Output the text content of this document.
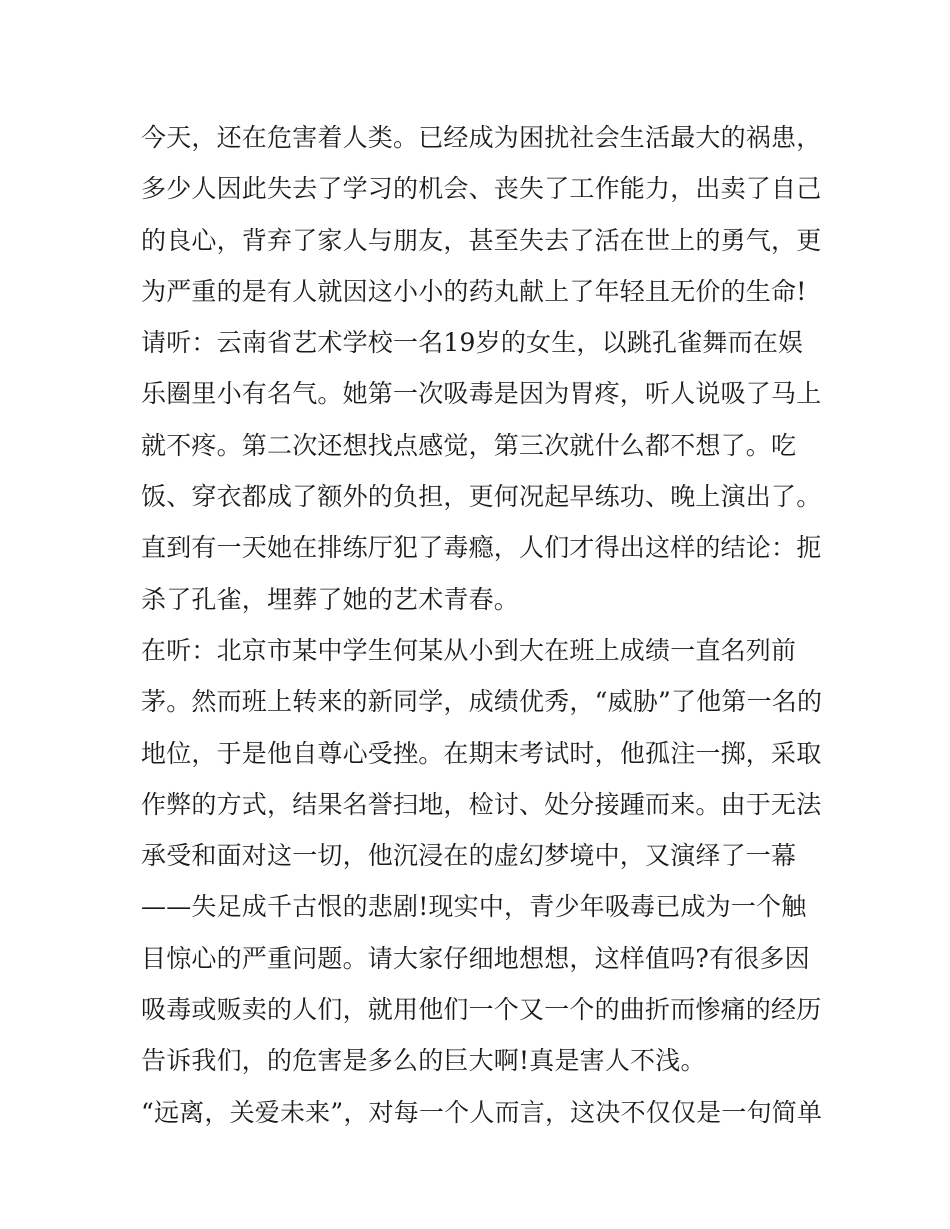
今天，还在危害着人类。已经成为困扰社会生活最大的祸患，
多少人因此失去了学习的机会、丧失了工作能力，出卖了自己
的良心，背弃了家人与朋友，甚至失去了活在世上的勇气，更
为严重的是有人就因这小小的药丸献上了年轻且无价的生命!
请听：云南省艺术学校一名19岁的女生，以跳孔雀舞而在娱
乐圈里小有名气。她第一次吸毒是因为胃疼，听人说吸了马上
就不疼。第二次还想找点感觉，第三次就什么都不想了。吃
饭、穿衣都成了额外的负担，更何况起早练功、晚上演出了。
直到有一天她在排练厅犯了毒瘾，人们才得出这样的结论：扼
杀了孔雀，埋葬了她的艺术青春。
在听：北京市某中学生何某从小到大在班上成绩一直名列前
茅。然而班上转来的新同学，成绩优秀，“威胁”了他第一名的
地位，于是他自尊心受挫。在期末考试时，他孤注一掷，采取
作弊的方式，结果名誉扫地，检讨、处分接踵而来。由于无法
承受和面对这一切，他沉浸在的虚幻梦境中，又演绎了一幕
——失足成千古恨的悲剧!现实中，青少年吸毒已成为一个触
目惊心的严重问题。请大家仔细地想想，这样值吗?有很多因
吸毒或贩卖的人们，就用他们一个又一个的曲折而惨痛的经历
告诉我们，的危害是多么的巨大啊!真是害人不浅。
“远离，关爱未来”，对每一个人而言，这决不仅仅是一句简单
